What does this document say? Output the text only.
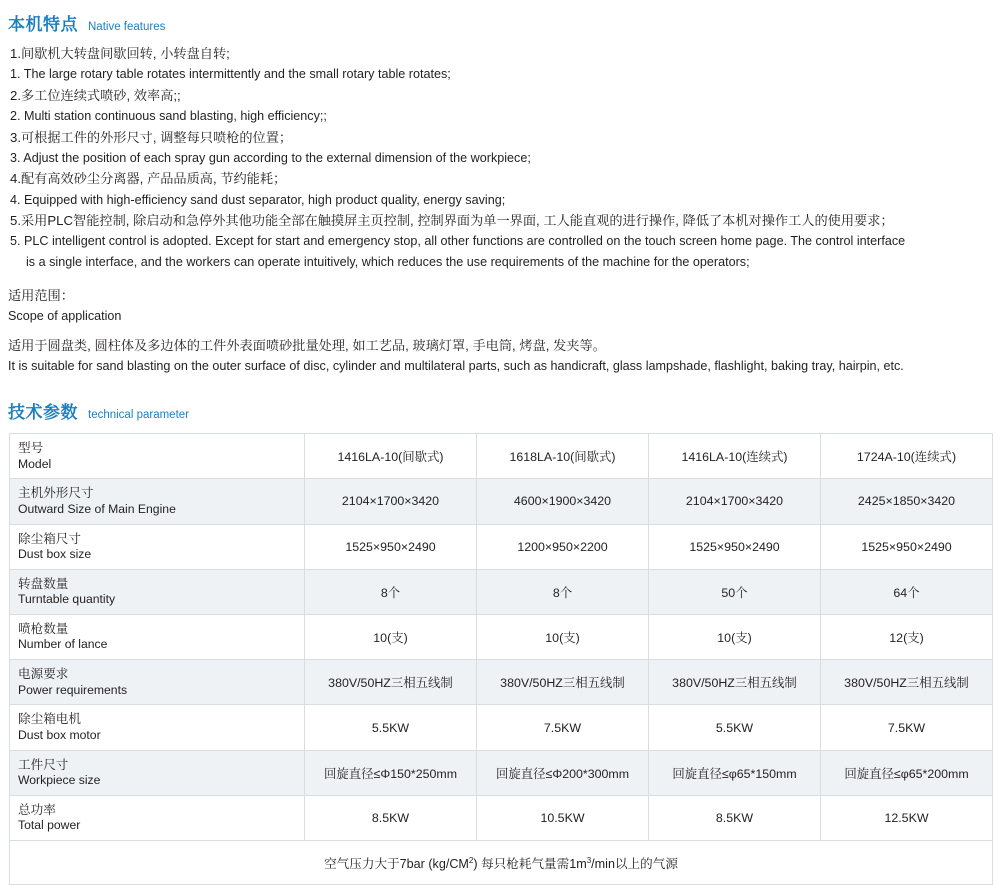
本机特点 Native features
1.间歇机大转盘间歇回转, 小转盘自转;
1. The large rotary table rotates intermittently and the small rotary table rotates;
2.多工位连续式喷砂, 效率高;;
2. Multi station continuous sand blasting, high efficiency;;
3.可根据工件的外形尺寸, 调整每只喷枪的位置；
3. Adjust the position of each spray gun according to the external dimension of the workpiece;
4.配有高效砂尘分离器, 产品品质高, 节约能耗；
4. Equipped with high-efficiency sand dust separator, high product quality, energy saving;
5.采用PLC智能控制, 除启动和急停外其他功能全部在触摸屏主页控制, 控制界面为单一界面, 工人能直观的进行操作, 降低了本机对操作工人的使用要求；
5. PLC intelligent control is adopted. Except for start and emergency stop, all other functions are controlled on the touch screen home page. The control interface
is a single interface, and the workers can operate intuitively, which reduces the use requirements of the machine for the operators;
适用范围：
Scope of application
适用于圆盘类, 圆柱体及多边体的工件外表面喷砂批量处理, 如工艺品, 玻璃灯罩, 手电筒, 烤盘, 发夹等。
It is suitable for sand blasting on the outer surface of disc, cylinder and multilateral parts, such as handicraft, glass lampshade, flashlight, baking tray, hairpin, etc.
技术参数 technical parameter
型号
Model	1416LA-10(间歇式)	1618LA-10(间歇式)	1416LA-10(连续式)	1724A-10(连续式)

主机外形尺寸
Outward Size of Main Engine	2104×1700×3420	4600×1900×3420	2104×1700×3420	2425×1850×3420

除尘箱尺寸
Dust box size	1525×950×2490	1200×950×2200	1525×950×2490	1525×950×2490

转盘数量
Turntable quantity	8个	8个	50个	64个

喷枪数量
Number of lance	10(支)	10(支)	10(支)	12(支)

电源要求
Power requirements	380V/50HZ三相五线制	380V/50HZ三相五线制	380V/50HZ三相五线制	380V/50HZ三相五线制

除尘箱电机
Dust box motor	5.5KW	7.5KW	5.5KW	7.5KW

工件尺寸
Workpiece size	回旋直径≤Φ150*250mm	回旋直径≤Φ200*300mm	回旋直径≤φ65*150mm	回旋直径≤φ65*200mm

总功率
Total power	8.5KW	10.5KW	8.5KW	12.5KW
空气压力大于7bar $(kg/CM^2)$ 每只枪耗气量需$1m^3/\min$以上的气源				
